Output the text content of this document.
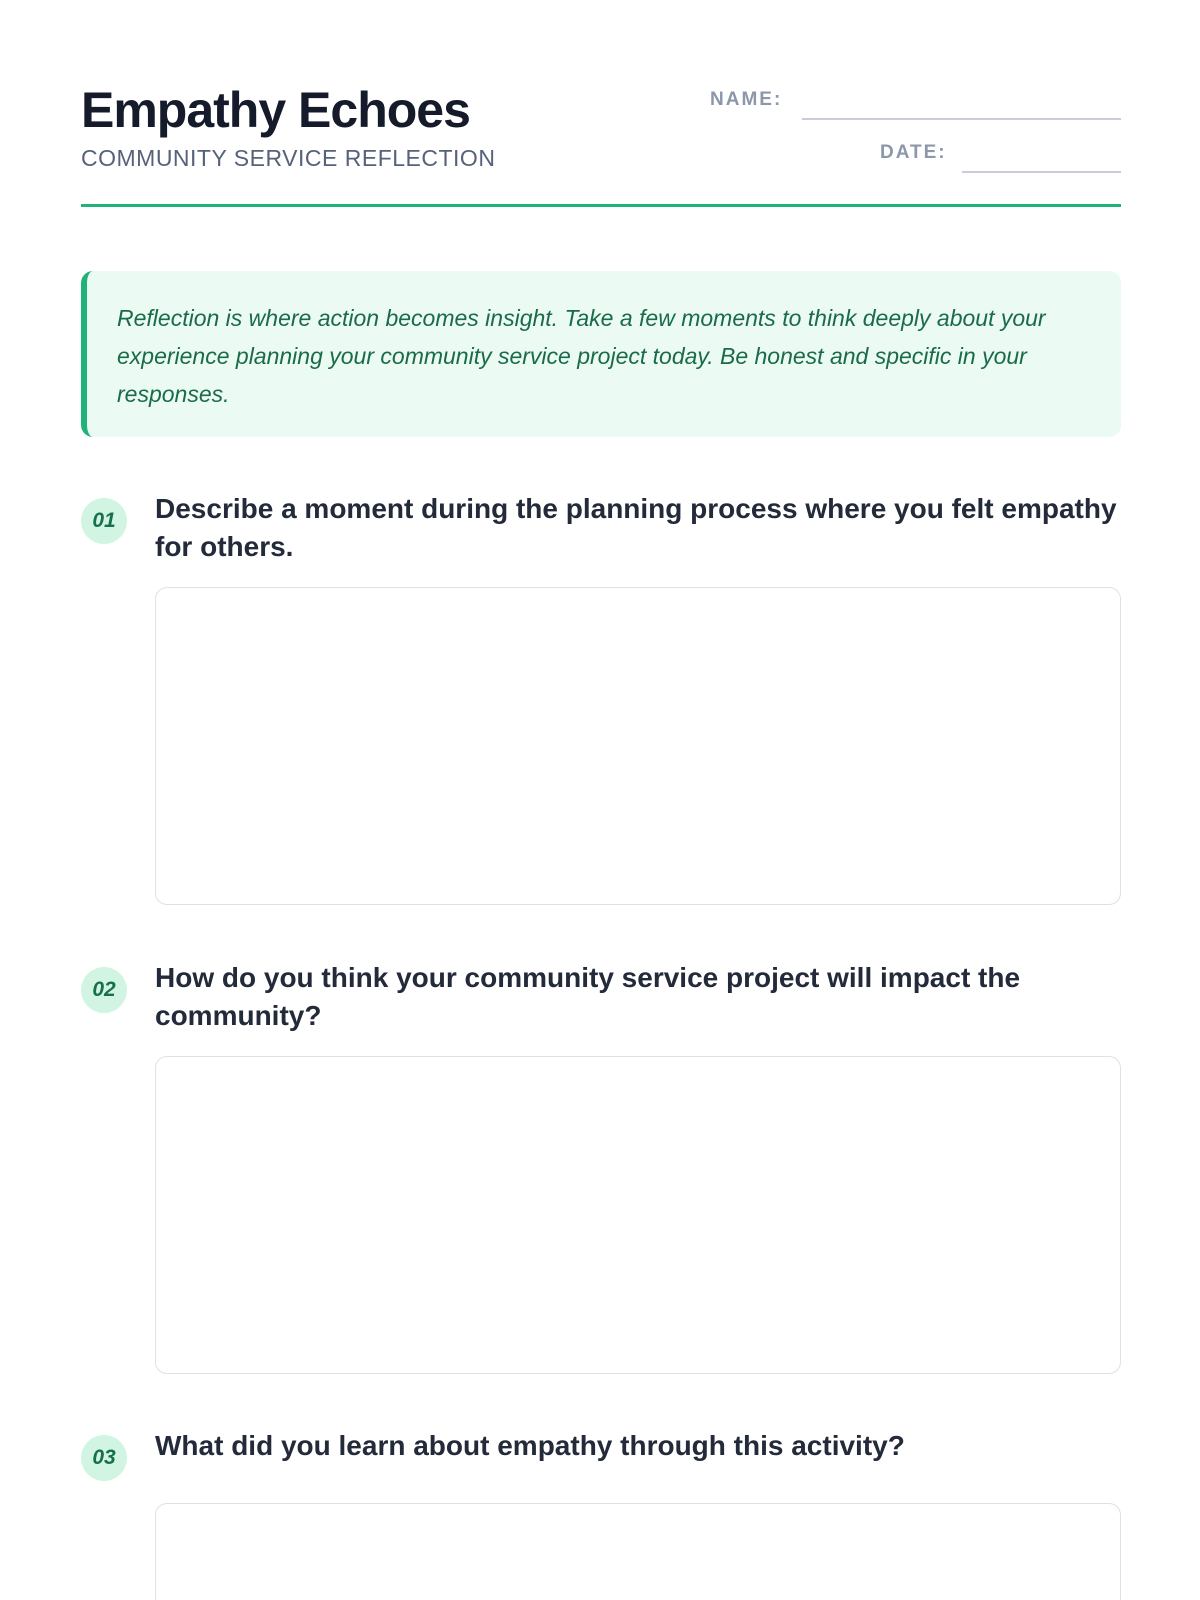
Empathy Echoes
COMMUNITY SERVICE REFLECTION
NAME:
DATE:
Reflection is where action becomes insight. Take a few moments to think deeply about your experience planning your community service project today. Be honest and specific in your responses.
01	Describe a moment during the planning process where you felt empathy for others.
02	How do you think your community service project will impact the community?
03	What did you learn about empathy through this activity?
